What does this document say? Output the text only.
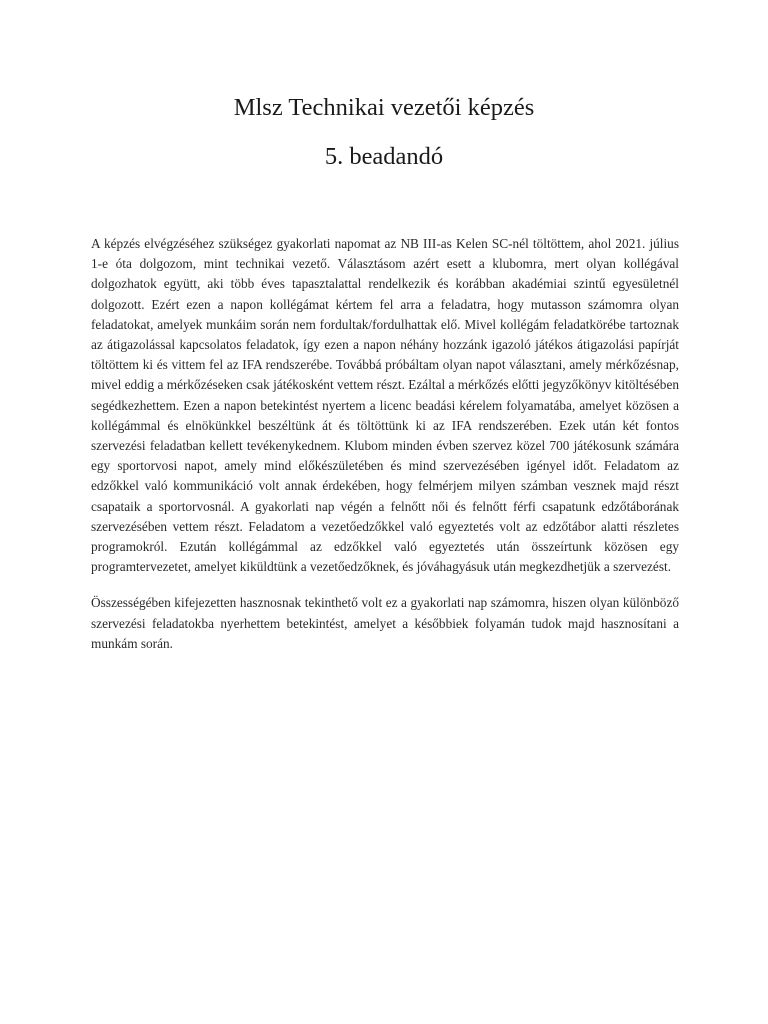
Mlsz Technikai vezetői képzés
5. beadandó

A képzés elvégzéséhez szükségez gyakorlati napomat az NB III-as Kelen SC-nél töltöttem, ahol 2021. július 1-e óta dolgozom, mint technikai vezető. Választásom azért esett a klubomra, mert olyan kollégával dolgozhatok együtt, aki több éves tapasztalattal rendelkezik és korábban akadémiai szintű egyesületnél dolgozott. Ezért ezen a napon kollégámat kértem fel arra a feladatra, hogy mutasson számomra olyan feladatokat, amelyek munkáim során nem fordultak/fordulhattak elő. Mivel kollégám feladatkörébe tartoznak az átigazolással kapcsolatos feladatok, így ezen a napon néhány hozzánk igazoló játékos átigazolási papírját töltöttem ki és vittem fel az IFA rendszerébe. Továbbá próbáltam olyan napot választani, amely mérkőzésnap, mivel eddig a mérkőzéseken csak játékosként vettem részt. Ezáltal a mérkőzés előtti jegyzőkönyv kitöltésében segédkezhettem. Ezen a napon betekintést nyertem a licenc beadási kérelem folyamatába, amelyet közösen a kollégámmal és elnökünkkel beszéltünk át és töltöttünk ki az IFA rendszerében. Ezek után két fontos szervezési feladatban kellett tevékenykednem. Klubom minden évben szervez közel 700 játékosunk számára egy sportorvosi napot, amely mind előkészületében és mind szervezésében igényel időt. Feladatom az edzőkkel való kommunikáció volt annak érdekében, hogy felmérjem milyen számban vesznek majd részt csapataik a sportorvosnál. A gyakorlati nap végén a felnőtt női és felnőtt férfi csapatunk edzőtáborának szervezésében vettem részt. Feladatom a vezetőedzőkkel való egyeztetés volt az edzőtábor alatti részletes programokról. Ezután kollégámmal az edzőkkel való egyeztetés után összeírtunk közösen egy programtervezetet, amelyet kiküldtünk a vezetőedzőknek, és jóváhagyásuk után megkezdhetjük a szervezést.

Összességében kifejezetten hasznosnak tekinthető volt ez a gyakorlati nap számomra, hiszen olyan különböző szervezési feladatokba nyerhettem betekintést, amelyet a későbbiek folyamán tudok majd hasznosítani a munkám során.
